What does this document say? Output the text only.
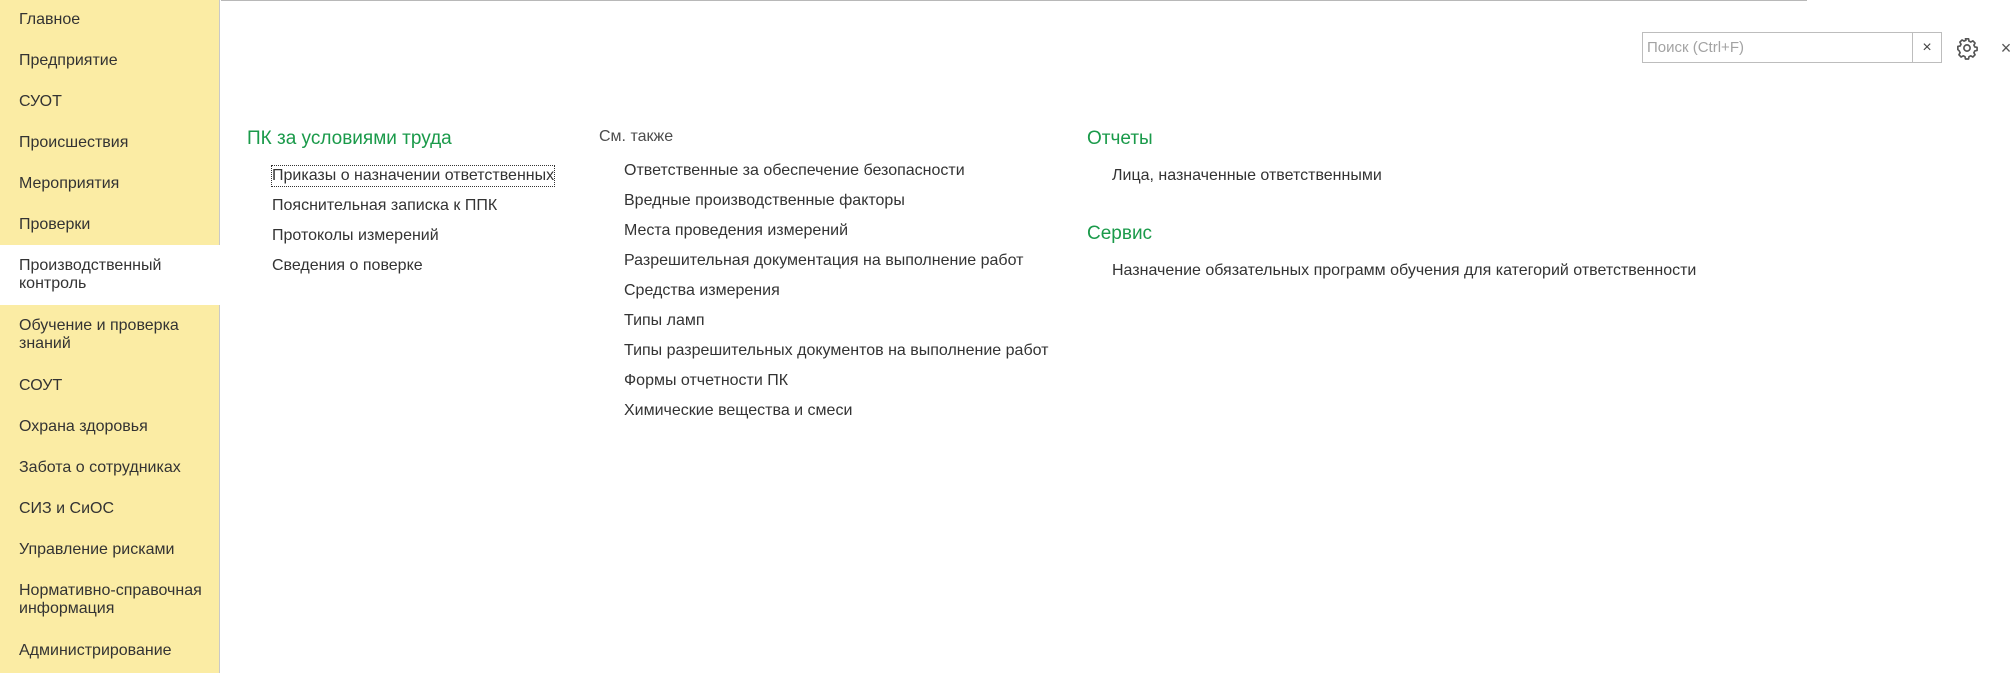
Главное
Предприятие
СУОТ
Происшествия
Мероприятия
Проверки
Производственный контроль
Обучение и проверка знаний
СОУТ
Охрана здоровья
Забота о сотрудниках
СИЗ и СиОС
Управление рисками
Нормативно-справочная информация
Администрирование
Поиск (Ctrl+F)
×	×
ПК за условиями труда
Приказы о назначении ответственных
Пояснительная записка к ППК
Протоколы измерений
Сведения о поверке
См. также
Ответственные за обеспечение безопасности
Вредные производственные факторы
Места проведения измерений
Разрешительная документация на выполнение работ
Средства измерения
Типы ламп
Типы разрешительных документов на выполнение работ
Формы отчетности ПК
Химические вещества и смеси
Отчеты
Лица, назначенные ответственными
Сервис
Назначение обязательных программ обучения для категорий ответственности
